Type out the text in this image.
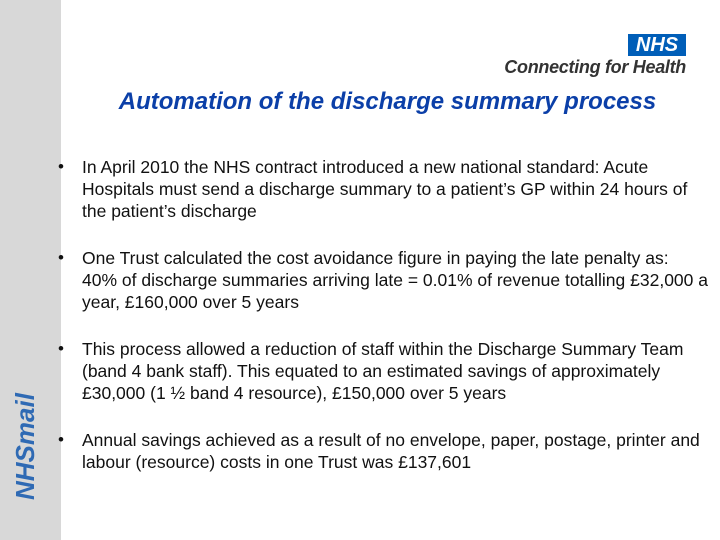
NHSmail
NHS
Connecting for Health
Automation of the discharge summary process
• In April 2010 the NHS contract introduced a new national standard: Acute Hospitals must send a discharge summary to a patient’s GP within 24 hours of the patient’s discharge
• One Trust calculated the cost avoidance figure in paying the late penalty as: 40% of discharge summaries arriving late = 0.01% of revenue totalling £32,000 a year, £160,000 over 5 years
• This process allowed a reduction of staff within the Discharge Summary Team (band 4 bank staff). This equated to an estimated savings of approximately £30,000 (1 ½ band 4 resource), £150,000 over 5 years
• Annual savings achieved as a result of no envelope, paper, postage, printer and labour (resource) costs in one Trust was £137,601
